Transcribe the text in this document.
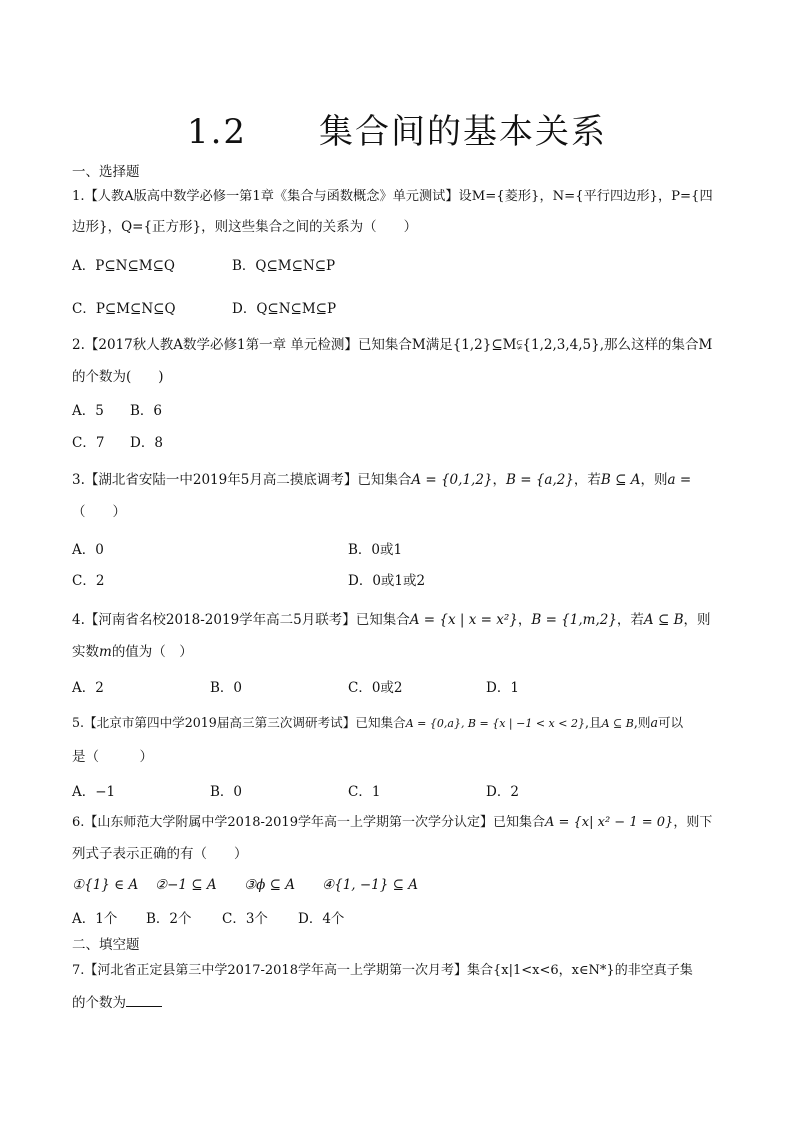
1.2　　集合间的基本关系
一、选择题
1.【人教A版高中数学必修一第1章《集合与函数概念》单元测试】设M={菱形}，N={平行四边形}，P={四
边形}，Q={正方形}，则这些集合之间的关系为（　　）
A．P⊆N⊆M⊆Q	B．Q⊆M⊆N⊆P
C．P⊆M⊆N⊆Q	D．Q⊆N⊆M⊆P
2.【2017秋人教A数学必修1第一章 单元检测】已知集合M满足{1,2}⊆M⫋{1,2,3,4,5},那么这样的集合M
的个数为(　　)
A．5 B．6
C．7 D．8
3.【湖北省安陆一中2019年5月高二摸底调考】已知集合A = {0,1,2}，B = {a,2}，若B ⊆ A，则a =
（　　）
A．0	B．0或1
C．2	D．0或1或2
4.【河南省名校2018-2019学年高二5月联考】已知集合A = {x | x = x²}，B = {1,m,2}，若A ⊆ B，则
实数m的值为（　）
A．2	B．0	C．0或2	D．1
5.【北京市第四中学2019届高三第三次调研考试】已知集合A = {0,a}, B = {x | −1 < x < 2},且A ⊆ B,则a可以
是（　　　）
A．−1	B．0	C．1	D．2
6.【山东师范大学附属中学2018-2019学年高一上学期第一次学分认定】已知集合A = {x| x² − 1 = 0}，则下
列式子表示正确的有（　　）
①{1} ∈ A ②−1 ⊆ A ③ϕ ⊆ A ④{1, −1} ⊆ A
A．1个 B．2个 C．3个 D．4个
二、填空题
7.【河北省正定县第三中学2017-2018学年高一上学期第一次月考】集合{x|1<x<6，x∈N*}的非空真子集
的个数为
